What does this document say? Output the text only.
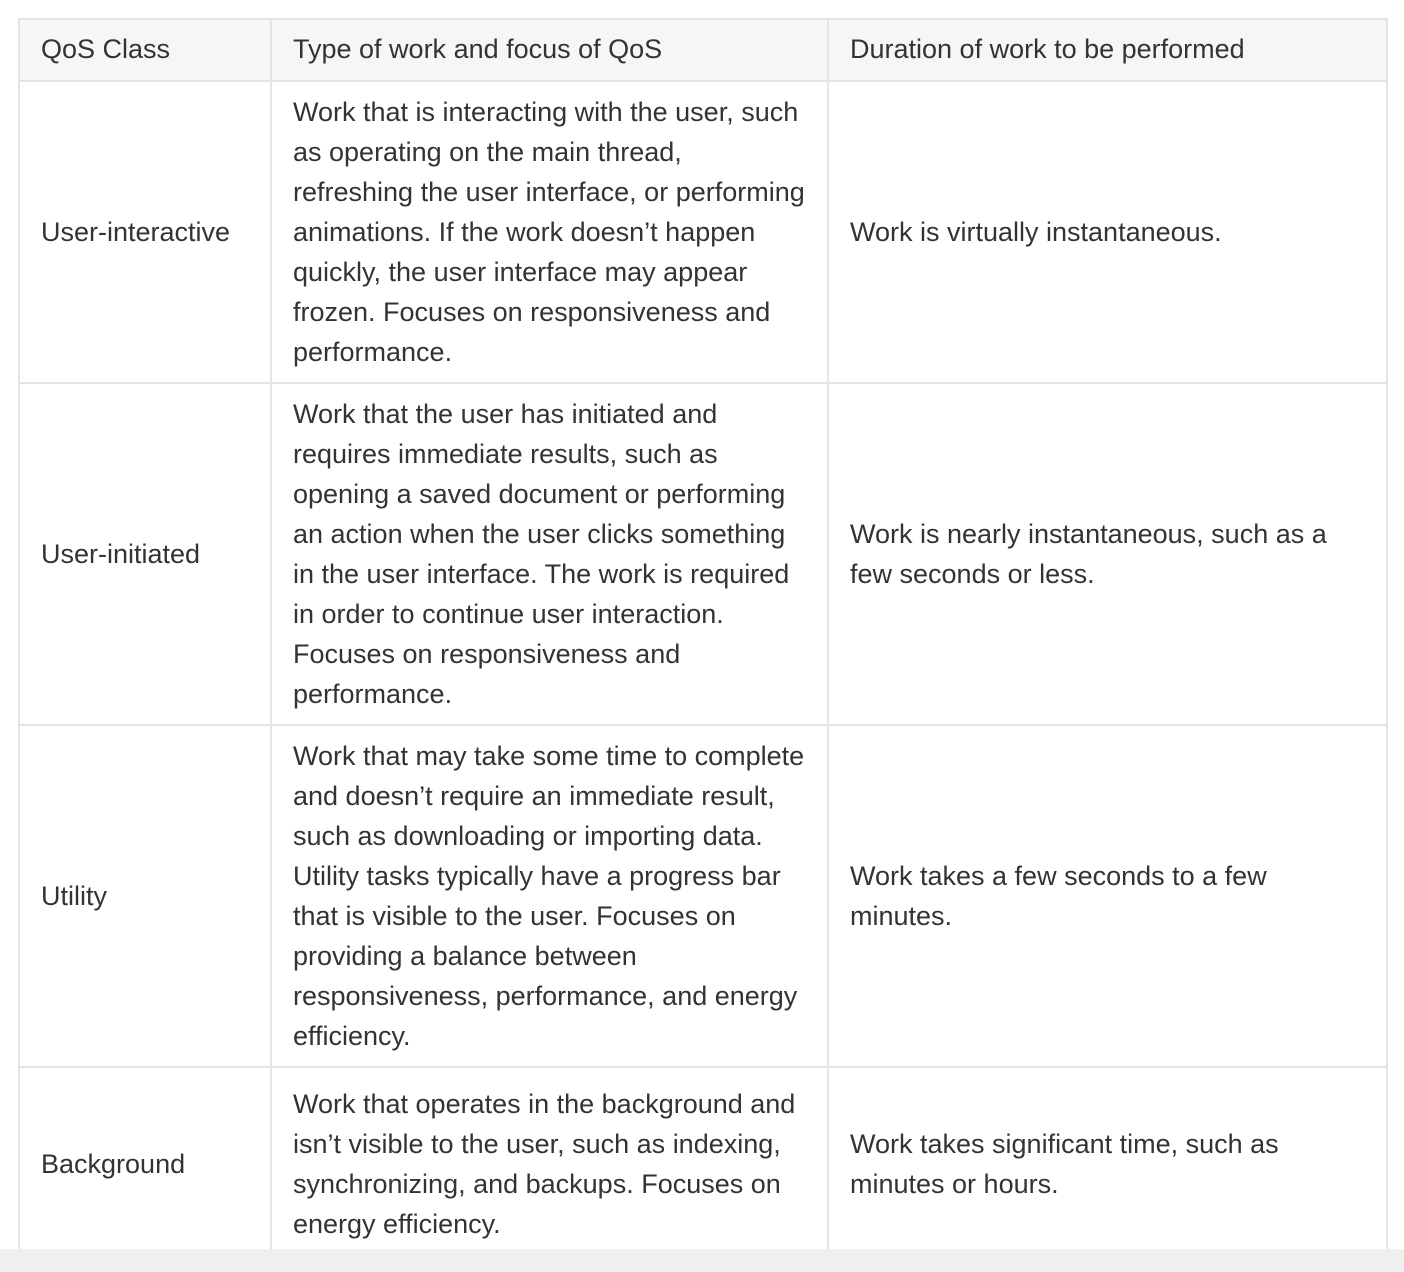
QoS Class	Type of work and focus of QoS	Duration of work to be performed
User-interactive	Work that is interacting with the user, such as operating on the main thread, refreshing the user interface, or performing animations. If the work doesn’t happen quickly, the user interface may appear frozen. Focuses on responsiveness and performance.	Work is virtually instantaneous.
User-initiated	Work that the user has initiated and requires immediate results, such as opening a saved document or performing an action when the user clicks something in the user interface. The work is required in order to continue user interaction. Focuses on responsiveness and performance.	Work is nearly instantaneous, such as a few seconds or less.
Utility	Work that may take some time to complete and doesn’t require an immediate result, such as downloading or importing data. Utility tasks typically have a progress bar that is visible to the user. Focuses on providing a balance between responsiveness, performance, and energy efficiency.	Work takes a few seconds to a few minutes.
Background	Work that operates in the background and isn’t visible to the user, such as indexing, synchronizing, and backups. Focuses on energy efficiency.	Work takes significant time, such as minutes or hours.
